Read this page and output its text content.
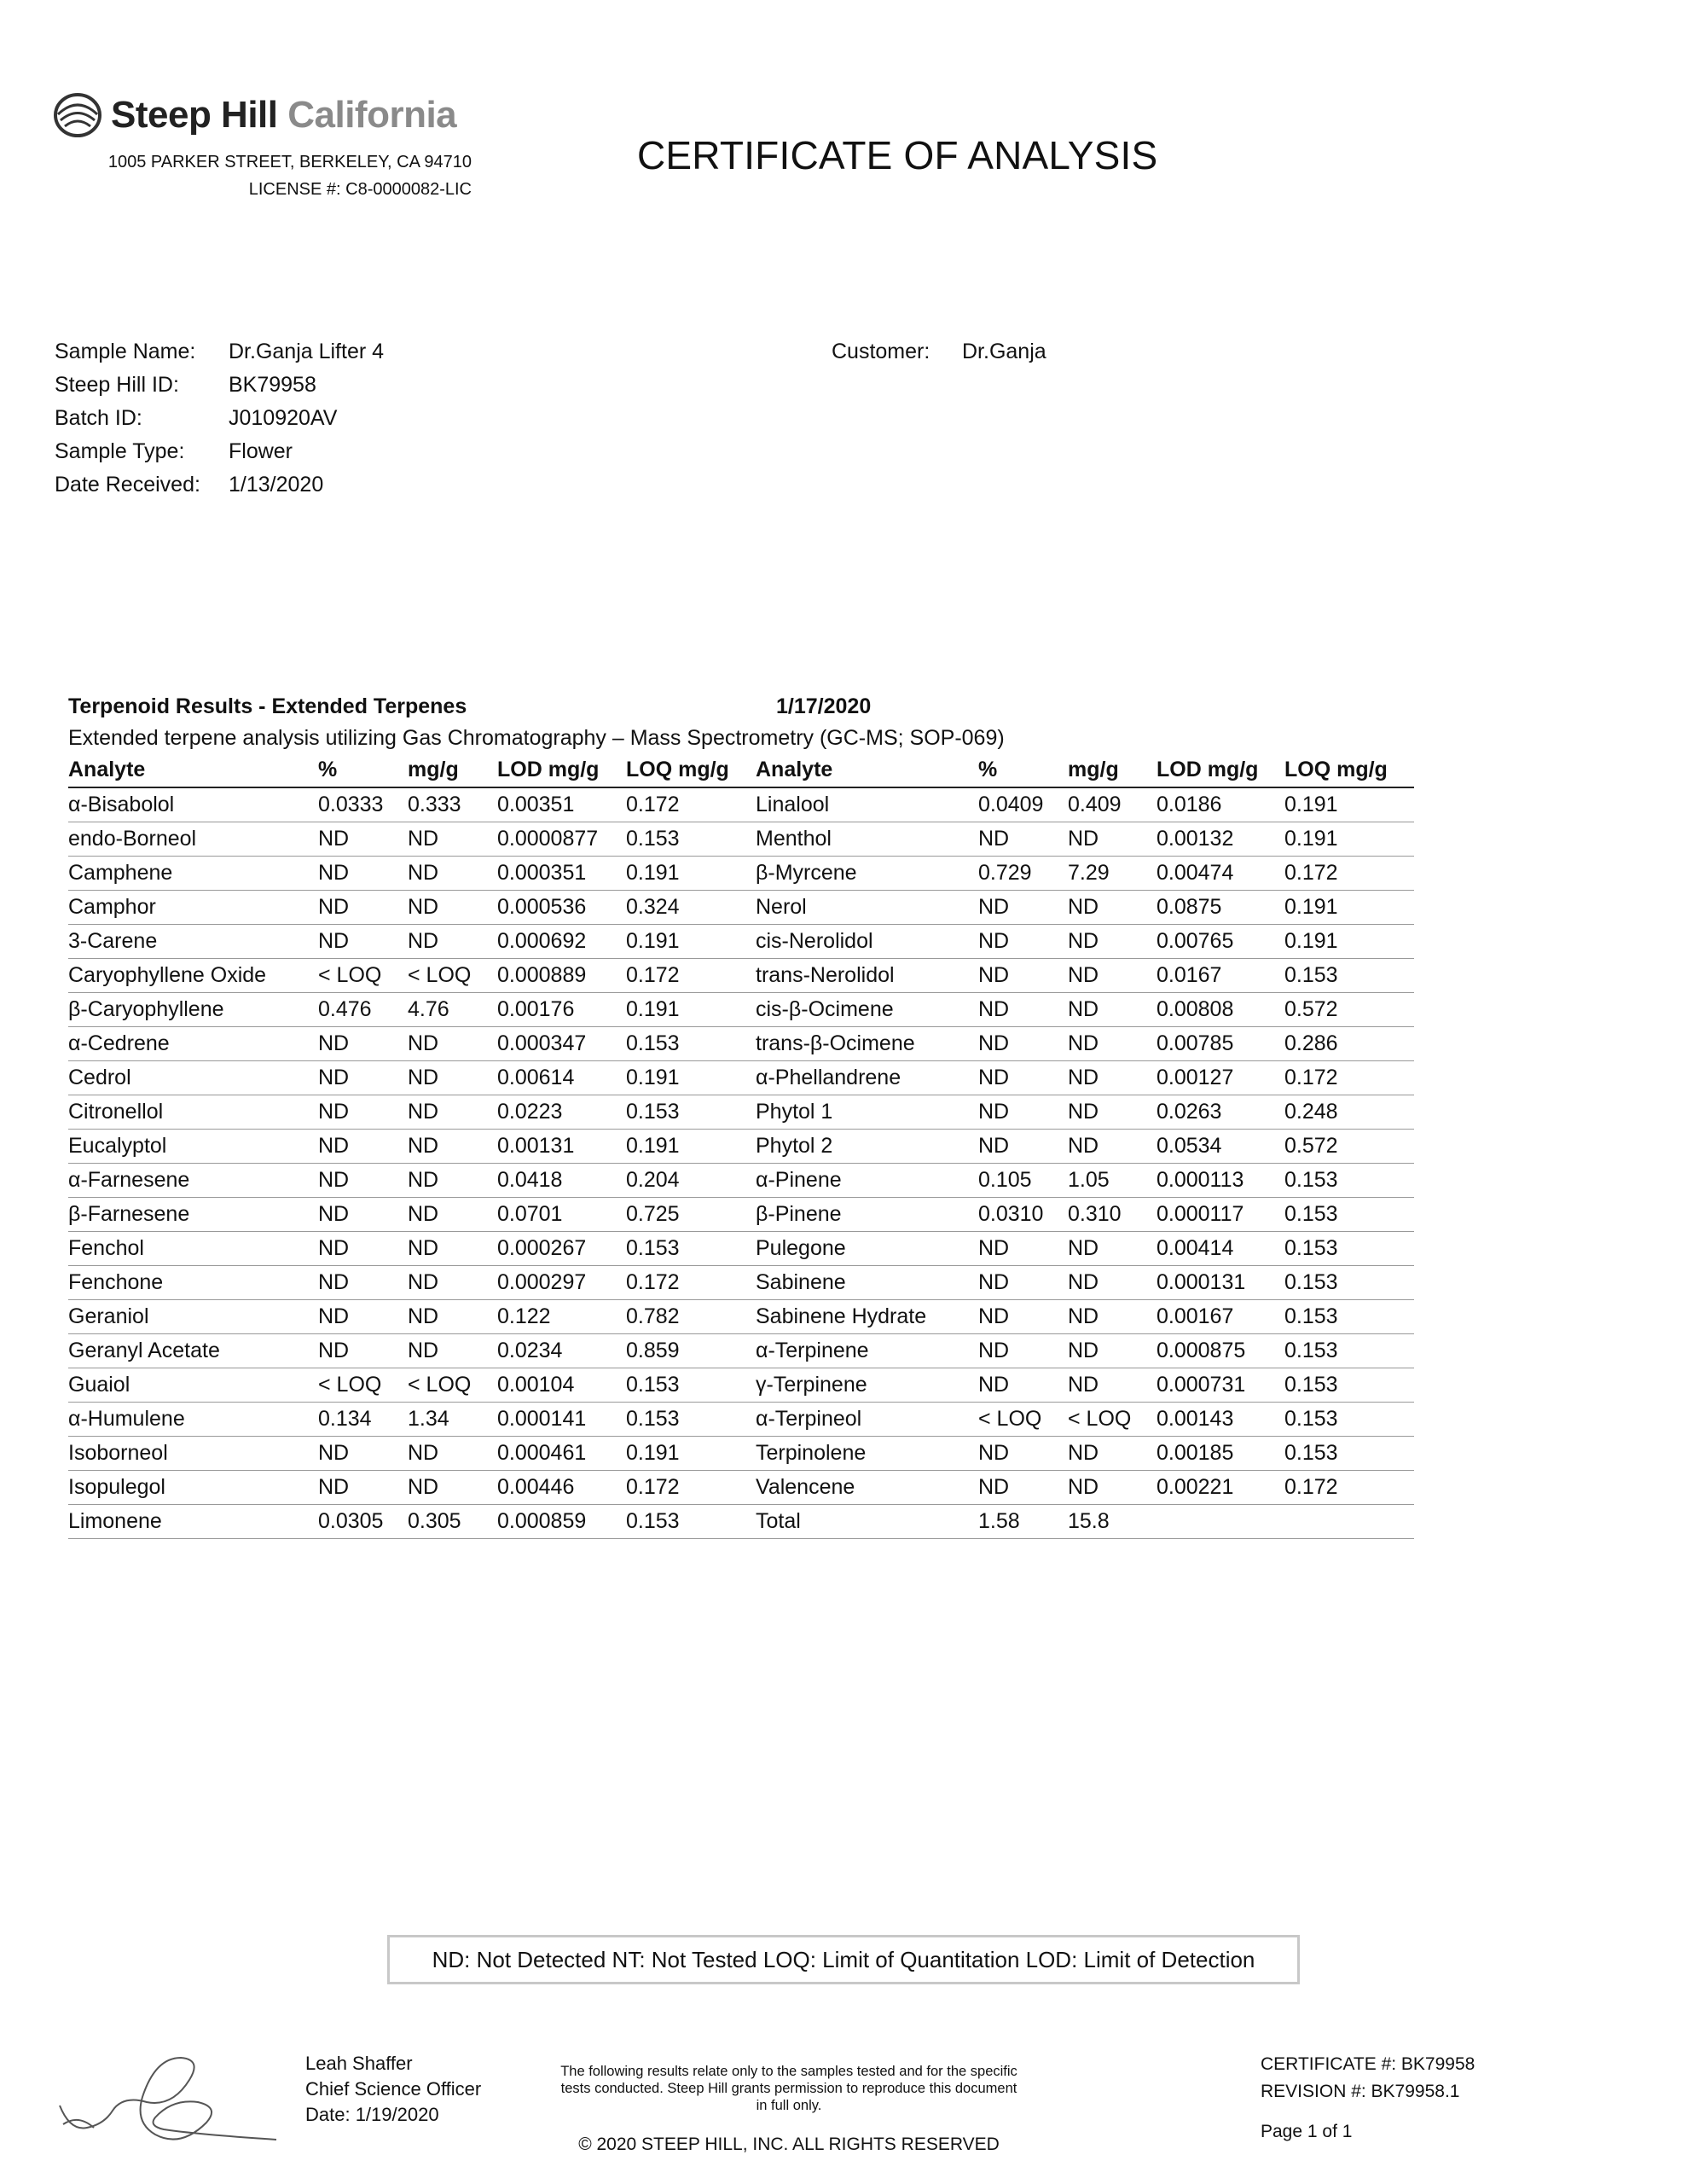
Steep Hill California
1005 PARKER STREET, BERKELEY, CA 94710
LICENSE #: C8-0000082-LIC
CERTIFICATE OF ANALYSIS
Sample Name: Dr.Ganja Lifter 4
Steep Hill ID: BK79958
Batch ID:	J010920AV
Sample Type: Flower
Date Received: 1/13/2020
Customer: Dr.Ganja
Terpenoid Results - Extended Terpenes	1/17/2020
Extended terpene analysis utilizing Gas Chromatography – Mass Spectrometry (GC-MS; SOP-069)
Analyte	%	mg/g LOD mg/g LOQ mg/g Analyte	%	mg/g LOD mg/g LOQ mg/g
α-Bisabolol	0.0333 0.333 0.00351 0.172	Linalool	0.0409 0.409 0.0186	0.191
endo-Borneol	ND	ND	0.0000877 0.153	Menthol	ND	ND	0.00132 0.191
Camphene	ND	ND	0.000351 0.191	β-Myrcene	0.729 7.29 0.00474 0.172
Camphor	ND	ND	0.000536 0.324	Nerol	ND	ND	0.0875	0.191
3-Carene	ND	ND	0.000692 0.191	cis-Nerolidol	ND	ND	0.00765 0.191
Caryophyllene Oxide < LOQ < LOQ 0.000889 0.172	trans-Nerolidol	ND	ND	0.0167	0.153
β-Caryophyllene	0.476 4.76 0.00176 0.191	cis-β-Ocimene	ND	ND	0.00808 0.572
α-Cedrene	ND	ND	0.000347 0.153	trans-β-Ocimene	ND	ND	0.00785 0.286
Cedrol	ND	ND	0.00614 0.191	α-Phellandrene	ND	ND	0.00127 0.172
Citronellol	ND	ND	0.0223	0.153	Phytol 1	ND	ND	0.0263	0.248
Eucalyptol	ND	ND	0.00131 0.191	Phytol 2	ND	ND	0.0534	0.572
α-Farnesene	ND	ND	0.0418	0.204	α-Pinene	0.105 1.05 0.000113 0.153
β-Farnesene	ND	ND	0.0701	0.725	β-Pinene	0.0310 0.310 0.000117 0.153
Fenchol	ND	ND	0.000267 0.153	Pulegone	ND	ND	0.00414 0.153
Fenchone	ND	ND	0.000297 0.172	Sabinene	ND	ND	0.000131 0.153
Geraniol	ND	ND	0.122	0.782	Sabinene Hydrate ND	ND	0.00167 0.153
Geranyl Acetate	ND	ND	0.0234	0.859	α-Terpinene	ND	ND	0.000875 0.153
Guaiol	< LOQ < LOQ 0.00104 0.153	γ-Terpinene	ND	ND	0.000731 0.153
α-Humulene	0.134 1.34 0.000141 0.153	α-Terpineol	< LOQ < LOQ 0.00143 0.153
Isoborneol	ND	ND	0.000461 0.191	Terpinolene	ND	ND	0.00185 0.153
Isopulegol	ND	ND	0.00446 0.172	Valencene	ND	ND	0.00221 0.172
Limonene	0.0305 0.305 0.000859 0.153	Total	1.58 15.8
ND: Not Detected NT: Not Tested LOQ: Limit of Quantitation LOD: Limit of Detection
Leah Shaffer
Chief Science Officer
Date: 1/19/2020
The following results relate only to the samples tested and for the specific tests conducted. Steep Hill grants permission to reproduce this document in full only.
© 2020 STEEP HILL, INC. ALL RIGHTS RESERVED
CERTIFICATE #: BK79958
REVISION #: BK79958.1
Page 1 of 1
